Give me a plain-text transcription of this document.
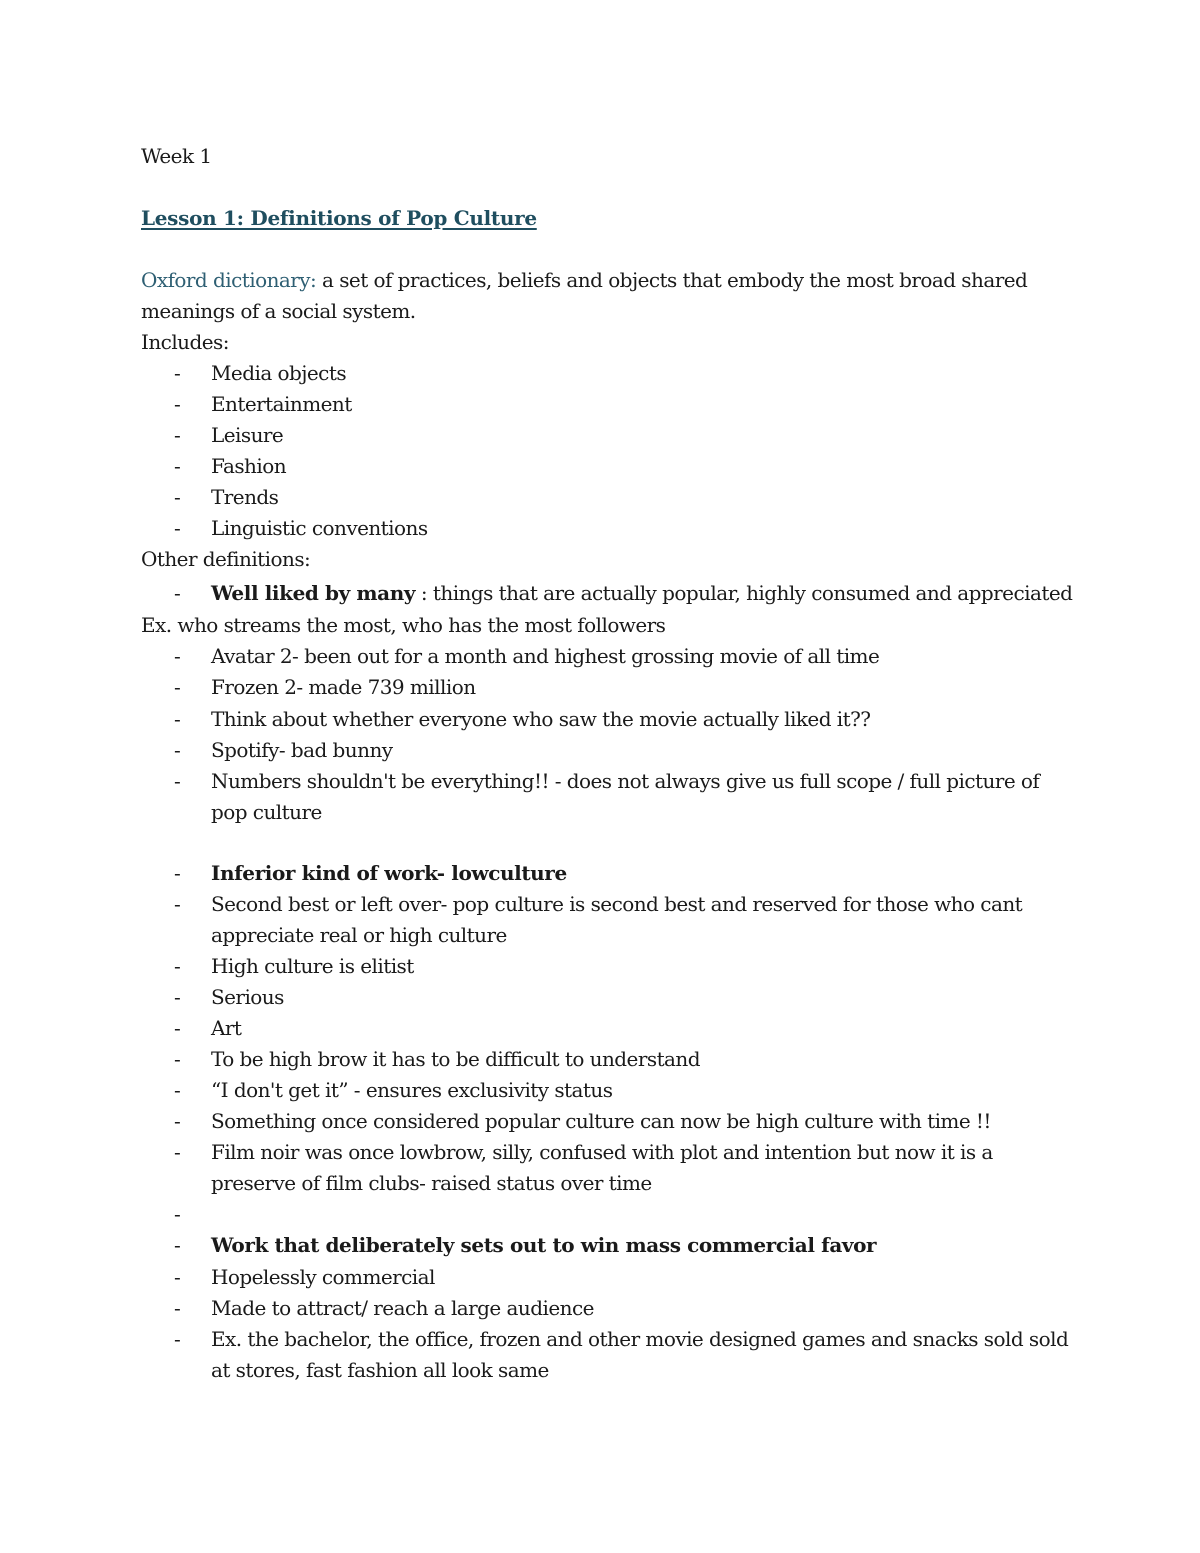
Week 1
Lesson 1: Definitions of Pop Culture
Oxford dictionary: a set of practices, beliefs and objects that embody the most broad shared
meanings of a social system.
Includes:
- Media objects
- Entertainment
- Leisure
- Fashion
- Trends
- Linguistic conventions
Other definitions:
- Well liked by many : things that are actually popular, highly consumed and appreciated
Ex. who streams the most, who has the most followers
- Avatar 2- been out for a month and highest grossing movie of all time
- Frozen 2- made 739 million
- Think about whether everyone who saw the movie actually liked it??
- Spotify- bad bunny
- Numbers shouldn't be everything!! - does not always give us full scope / full picture of
pop culture
- Inferior kind of work- lowculture
- Second best or left over- pop culture is second best and reserved for those who cant
appreciate real or high culture
- High culture is elitist
- Serious
- Art
- To be high brow it has to be difficult to understand
- “I don't get it” - ensures exclusivity status
- Something once considered popular culture can now be high culture with time !!
- Film noir was once lowbrow, silly, confused with plot and intention but now it is a
preserve of film clubs- raised status over time
-
- Work that deliberately sets out to win mass commercial favor
- Hopelessly commercial
- Made to attract/ reach a large audience
- Ex. the bachelor, the office, frozen and other movie designed games and snacks sold sold
at stores, fast fashion all look same
